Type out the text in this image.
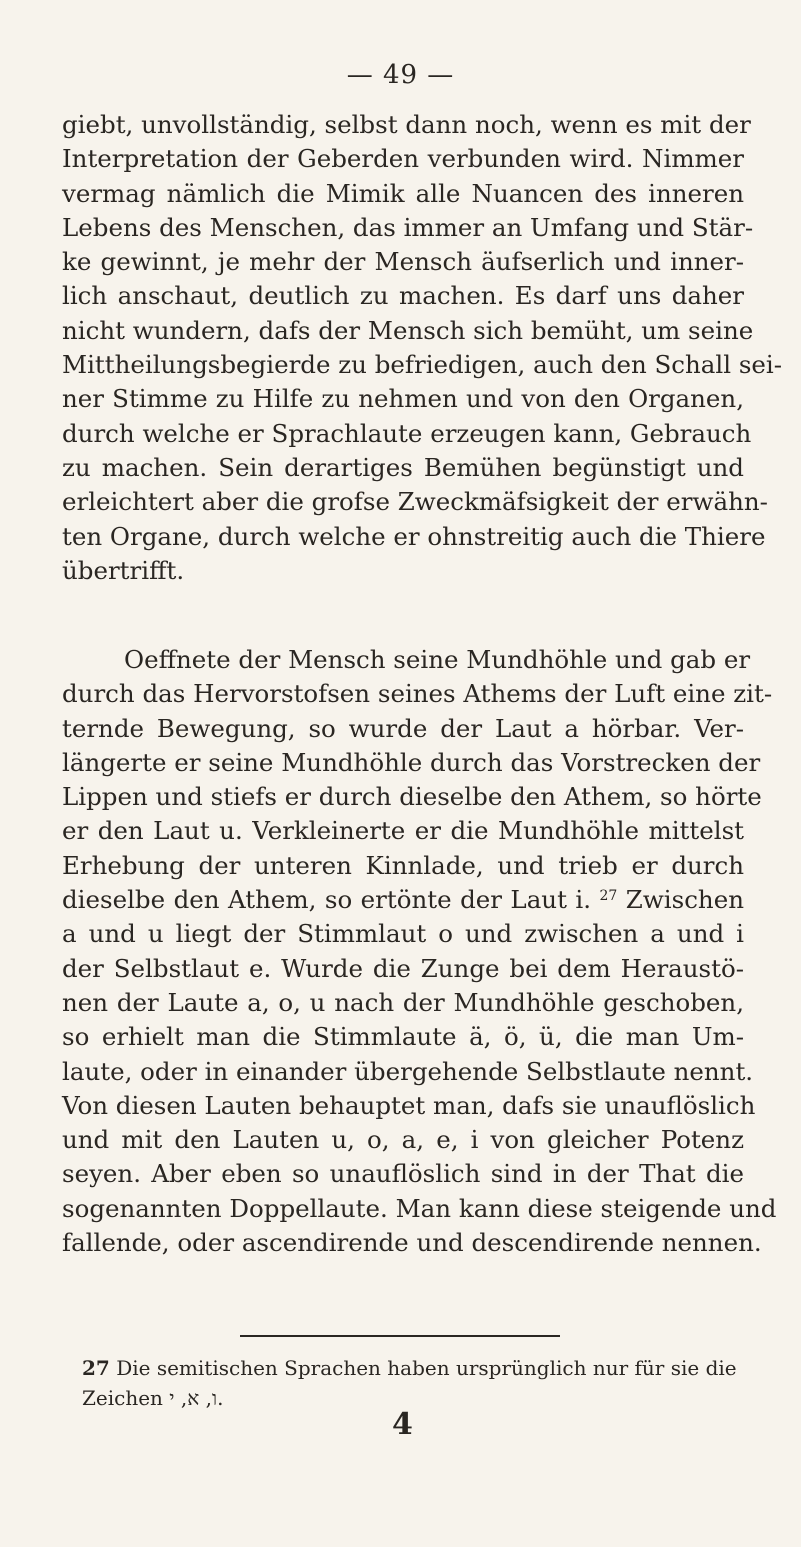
— 49 —
giebt, unvollständig, selbst dann noch, wenn es mit der
Interpretation der Geberden verbunden wird. Nimmer
vermag nämlich die Mimik alle Nuancen des inneren
Lebens des Menschen, das immer an Umfang und Stär-
ke gewinnt, je mehr der Mensch äufserlich und inner-
lich anschaut, deutlich zu machen. Es darf uns daher
nicht wundern, dafs der Mensch sich bemüht, um seine
Mittheilungsbegierde zu befriedigen, auch den Schall sei-
ner Stimme zu Hilfe zu nehmen und von den Organen,
durch welche er Sprachlaute erzeugen kann, Gebrauch
zu machen. Sein derartiges Bemühen begünstigt und
erleichtert aber die grofse Zweckmäfsigkeit der erwähn-
ten Organe, durch welche er ohnstreitig auch die Thiere
übertrifft.
Oeffnete der Mensch seine Mundhöhle und gab er
durch das Hervorstofsen seines Athems der Luft eine zit-
ternde Bewegung, so wurde der Laut a hörbar. Ver-
längerte er seine Mundhöhle durch das Vorstrecken der
Lippen und stiefs er durch dieselbe den Athem, so hörte
er den Laut u. Verkleinerte er die Mundhöhle mittelst
Erhebung der unteren Kinnlade, und trieb er durch
dieselbe den Athem, so ertönte der Laut i. $^{27}$ Zwischen
a und u liegt der Stimmlaut o und zwischen a und i
der Selbstlaut e. Wurde die Zunge bei dem Heraustö-
nen der Laute a, o, u nach der Mundhöhle geschoben,
so erhielt man die Stimmlaute ä, ö, ü, die man Um-
laute, oder in einander übergehende Selbstlaute nennt.
Von diesen Lauten behauptet man, dafs sie unauflöslich
und mit den Lauten u, o, a, e, i von gleicher Potenz
seyen. Aber eben so unauflöslich sind in der That die
sogenannten Doppellaute. Man kann diese steigende und
fallende, oder ascendirende und descendirende nennen.
27 Die semitischen Sprachen haben ursprünglich nur für sie die
Zeichen ו, א, י.
4
